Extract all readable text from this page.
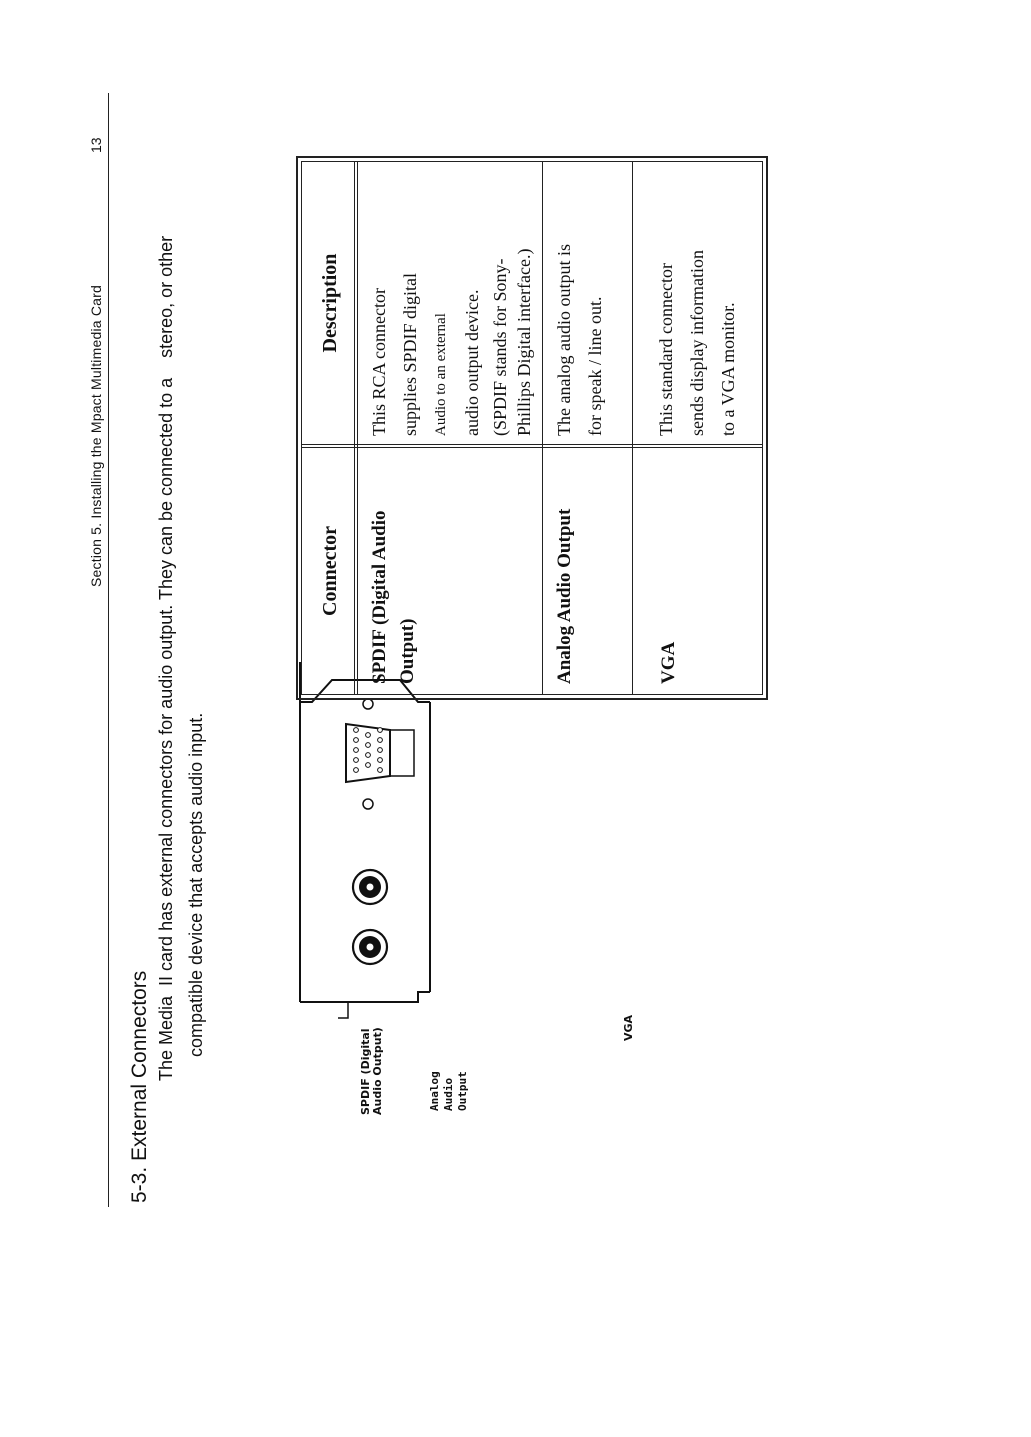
Section 5. Installing the Mpact Multimedia Card
13
5-3. External Connectors
The Media  II card has external connectors for audio output. They can be connected to a    stereo, or other compatible device that accepts audio input.
SPDIF (Digital Audio Output)	Analog Audio Output
VGA
Connector
Description
SPDIF (Digital Audio Output)
This RCA connector supplies SPDIF digital Audio to an external audio output device. (SPDIF stands for Sony- Phillips Digital interface.)
Analog Audio Output
The analog audio output is for speak / line out.
VGA
This standard connector sends display information to a VGA monitor.
